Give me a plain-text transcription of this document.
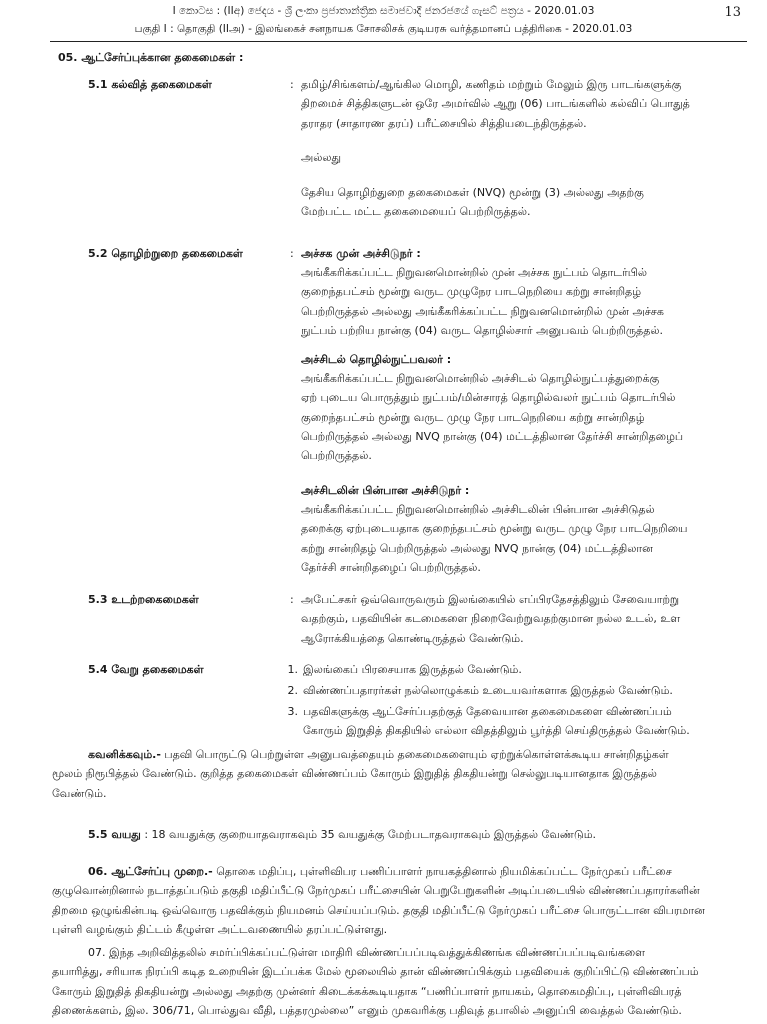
I කොටස : (IIඅ) ජෙදය - ශ්‍රී ලංකා ප්‍රජාතාන්ත්‍රික සමාජවාදී ජනරජයේ ගැසට් පත්‍රය - 2020.01.03	13
பகுதி I : தொகுதி (IIஅ) - இலங்கைச் சனநாயக சோசலிசக் குடியரசு வர்த்தமானப் பத்திரிகை - 2020.01.03
05. ஆட்சேர்ப்புக்கான தகைமைகள் :
5.1 கல்வித் தகைமைகள்	: தமிழ்/சிங்களம்/ஆங்கில மொழி, கணிதம் மற்றும் மேலும் இரு பாடங்களுக்கு
திறமைச் சித்திகளுடன் ஒரே அமர்வில் ஆறு (06) பாடங்களில் கல்விப் பொதுத்
தராதர (சாதாரண தரப்) பரீட்சையில் சித்தியடைந்திருத்தல்.
அல்லது
தேசிய தொழிற்துறை தகைமைகள் (NVQ) மூன்று (3) அல்லது அதற்கு
மேற்பட்ட மட்ட தகைமையைப் பெற்றிருத்தல்.
5.2 தொழிற்றுறை தகைமைகள்	: அச்சக முன் அச்சிடுநர் :
அங்கீகரிக்கப்பட்ட நிறுவனமொன்றில் முன் அச்சக நுட்பம் தொடர்பில்
குறைந்தபட்சம் மூன்று வருட முழுநேர பாடநெறியை கற்று சான்றிதழ்
பெற்றிருத்தல் அல்லது அங்கீகரிக்கப்பட்ட நிறுவனமொன்றில் முன் அச்சக
நுட்பம் பற்றிய நான்கு (04) வருட தொழில்சார் அனுபவம் பெற்றிருத்தல்.
அச்சிடல் தொழில்நுட்பவலர் :
அங்கீகரிக்கப்பட்ட நிறுவனமொன்றில் அச்சிடல் தொழில்நுட்பத்துறைக்கு
ஏற் புடைய பொருத்தும் நுட்பம்/மின்சாரத் தொழில்வலர் நுட்பம் தொடர்பில்
குறைந்தபட்சம் மூன்று வருட முழு நேர பாடநெறியை கற்று சான்றிதழ்
பெற்றிருத்தல் அல்லது NVQ நான்கு (04) மட்டத்திலான தேர்ச்சி சான்றிதழைப்
பெற்றிருத்தல்.
அச்சிடலின் பின்பான அச்சிடுநர் :
அங்கீகரிக்கப்பட்ட நிறுவனமொன்றில் அச்சிடலின் பின்பான அச்சிடுதல்
தறைக்கு ஏற்புடையதாக குறைந்தபட்சம் மூன்று வருட முழு நேர பாடநெறியை
கற்று சான்றிதழ் பெற்றிருத்தல் அல்லது NVQ நான்கு (04) மட்டத்திலான
தேர்ச்சி சான்றிதழைப் பெற்றிருத்தல்.
5.3 உடற்றகைமைகள்	: அபேட்சகர் ஒவ்வொருவரும் இலங்கையில் எப்பிரதேசத்திலும் சேவையாற்று
வதற்கும், பதவியின் கடமைகளை நிறைவேற்றுவதற்குமான நல்ல உடல், உள
ஆரோக்கியத்தை கொண்டிருத்தல் வேண்டும்.
5.4 வேறு தகைமைகள்	1. இலங்கைப் பிரசையாக இருத்தல் வேண்டும்.
2. விண்ணப்பதாரர்கள் நல்லொழுக்கம் உடையவர்களாக இருத்தல் வேண்டும்.
3. பதவிகளுக்கு ஆட்சேர்ப்பதற்குத் தேவையான தகைமைகளை விண்ணப்பம்
கோரும் இறுதித் திகதியில் எல்லா விதத்திலும் பூர்த்தி செய்திருத்தல் வேண்டும்.
கவனிக்கவும்.- பதவி பொருட்டு பெற்றுள்ள அனுபவத்தையும் தகைமைகளையும் ஏற்றுக்கொள்ளக்கூடிய சான்றிதழ்கள்
மூலம் நிரூபித்தல் வேண்டும். குறித்த தகைமைகள் விண்ணப்பம் கோரும் இறுதித் திகதியன்று செல்லுபடியானதாக இருத்தல்
வேண்டும்.
5.5 வயது : 18 வயதுக்கு குறையாதவராகவும் 35 வயதுக்கு மேற்படாதவராகவும் இருத்தல் வேண்டும்.
06. ஆட்சேர்ப்பு முறை.- தொகை மதிப்பு, புள்ளிவிபர பணிப்பாளர் நாயகத்தினால் நியமிக்கப்பட்ட நேர்முகப் பரீட்சை
குழுவொன்றினால் நடாத்தப்படும் தகுதி மதிப்பீட்டு நேர்முகப் பரீட்சையின் பெறுபேறுகளின் அடிப்படையில் விண்ணப்பதாரர்களின்
திறமை ஒழுங்கின்படி ஒவ்வொரு பதவிக்கும் நியமனம் செய்யப்படும். தகுதி மதிப்பீட்டு நேர்முகப் பரீட்சை பொருட்டான விபரமான
புள்ளி வழங்கும் திட்டம் கீழுள்ள அட்டவணையில் தரப்பட்டுள்ளது.
07. இந்த அறிவித்தலில் சமர்ப்பிக்கப்பட்டுள்ள மாதிரி விண்ணப்பப்படிவத்துக்கிணங்க விண்ணப்பப்படிவங்களை
தயாரித்து, சரியாக நிரப்பி கடித உறையின் இடப்பக்க மேல் மூலையில் தான் விண்ணப்பிக்கும் பதவியைக் குறிப்பிட்டு விண்ணப்பம்
கோரும் இறுதித் திகதியன்று அல்லது அதற்கு முன்னர் கிடைக்கக்கூடியதாக “பணிப்பாளர் நாயகம், தொகைமதிப்பு, புள்ளிவிபரத்
திணைக்களம், இல. 306/71, பொல்துவ வீதி, பத்தரமுல்லை” எனும் முகவரிக்கு பதிவுத் தபாலில் அனுப்பி வைத்தல் வேண்டும்.
